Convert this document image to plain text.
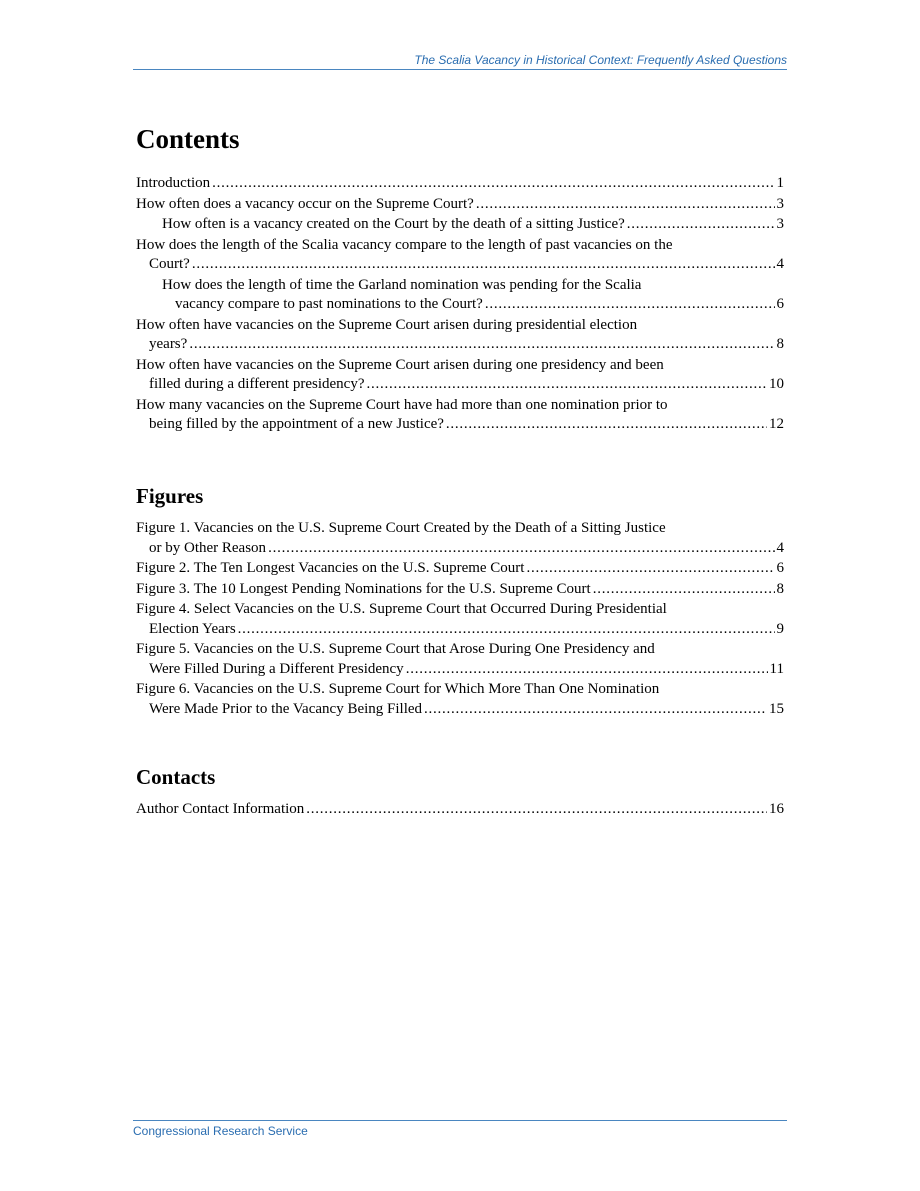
The Scalia Vacancy in Historical Context: Frequently Asked Questions
Contents
Introduction . . .	1
How often does a vacancy occur on the Supreme Court? . . .	3
How often is a vacancy created on the Court by the death of a sitting Justice? . . .	3
How does the length of the Scalia vacancy compare to the length of past vacancies on the
Court? . . .	4
How does the length of time the Garland nomination was pending for the Scalia
vacancy compare to past nominations to the Court? . . .	6
How often have vacancies on the Supreme Court arisen during presidential election
years? . . .	8
How often have vacancies on the Supreme Court arisen during one presidency and been
filled during a different presidency? . . .	10
How many vacancies on the Supreme Court have had more than one nomination prior to
being filled by the appointment of a new Justice? . . .	12
Figures
Figure 1. Vacancies on the U.S. Supreme Court Created by the Death of a Sitting Justice
or by Other Reason . . .	4
Figure 2. The Ten Longest Vacancies on the U.S. Supreme Court . . .	6
Figure 3. The 10 Longest Pending Nominations for the U.S. Supreme Court . . .	8
Figure 4. Select Vacancies on the U.S. Supreme Court that Occurred During Presidential
Election Years . . .	9
Figure 5. Vacancies on the U.S. Supreme Court that Arose During One Presidency and
Were Filled During a Different Presidency . . .	11
Figure 6. Vacancies on the U.S. Supreme Court for Which More Than One Nomination
Were Made Prior to the Vacancy Being Filled . . .	15
Contacts
Author Contact Information . . .	16
Congressional Research Service
